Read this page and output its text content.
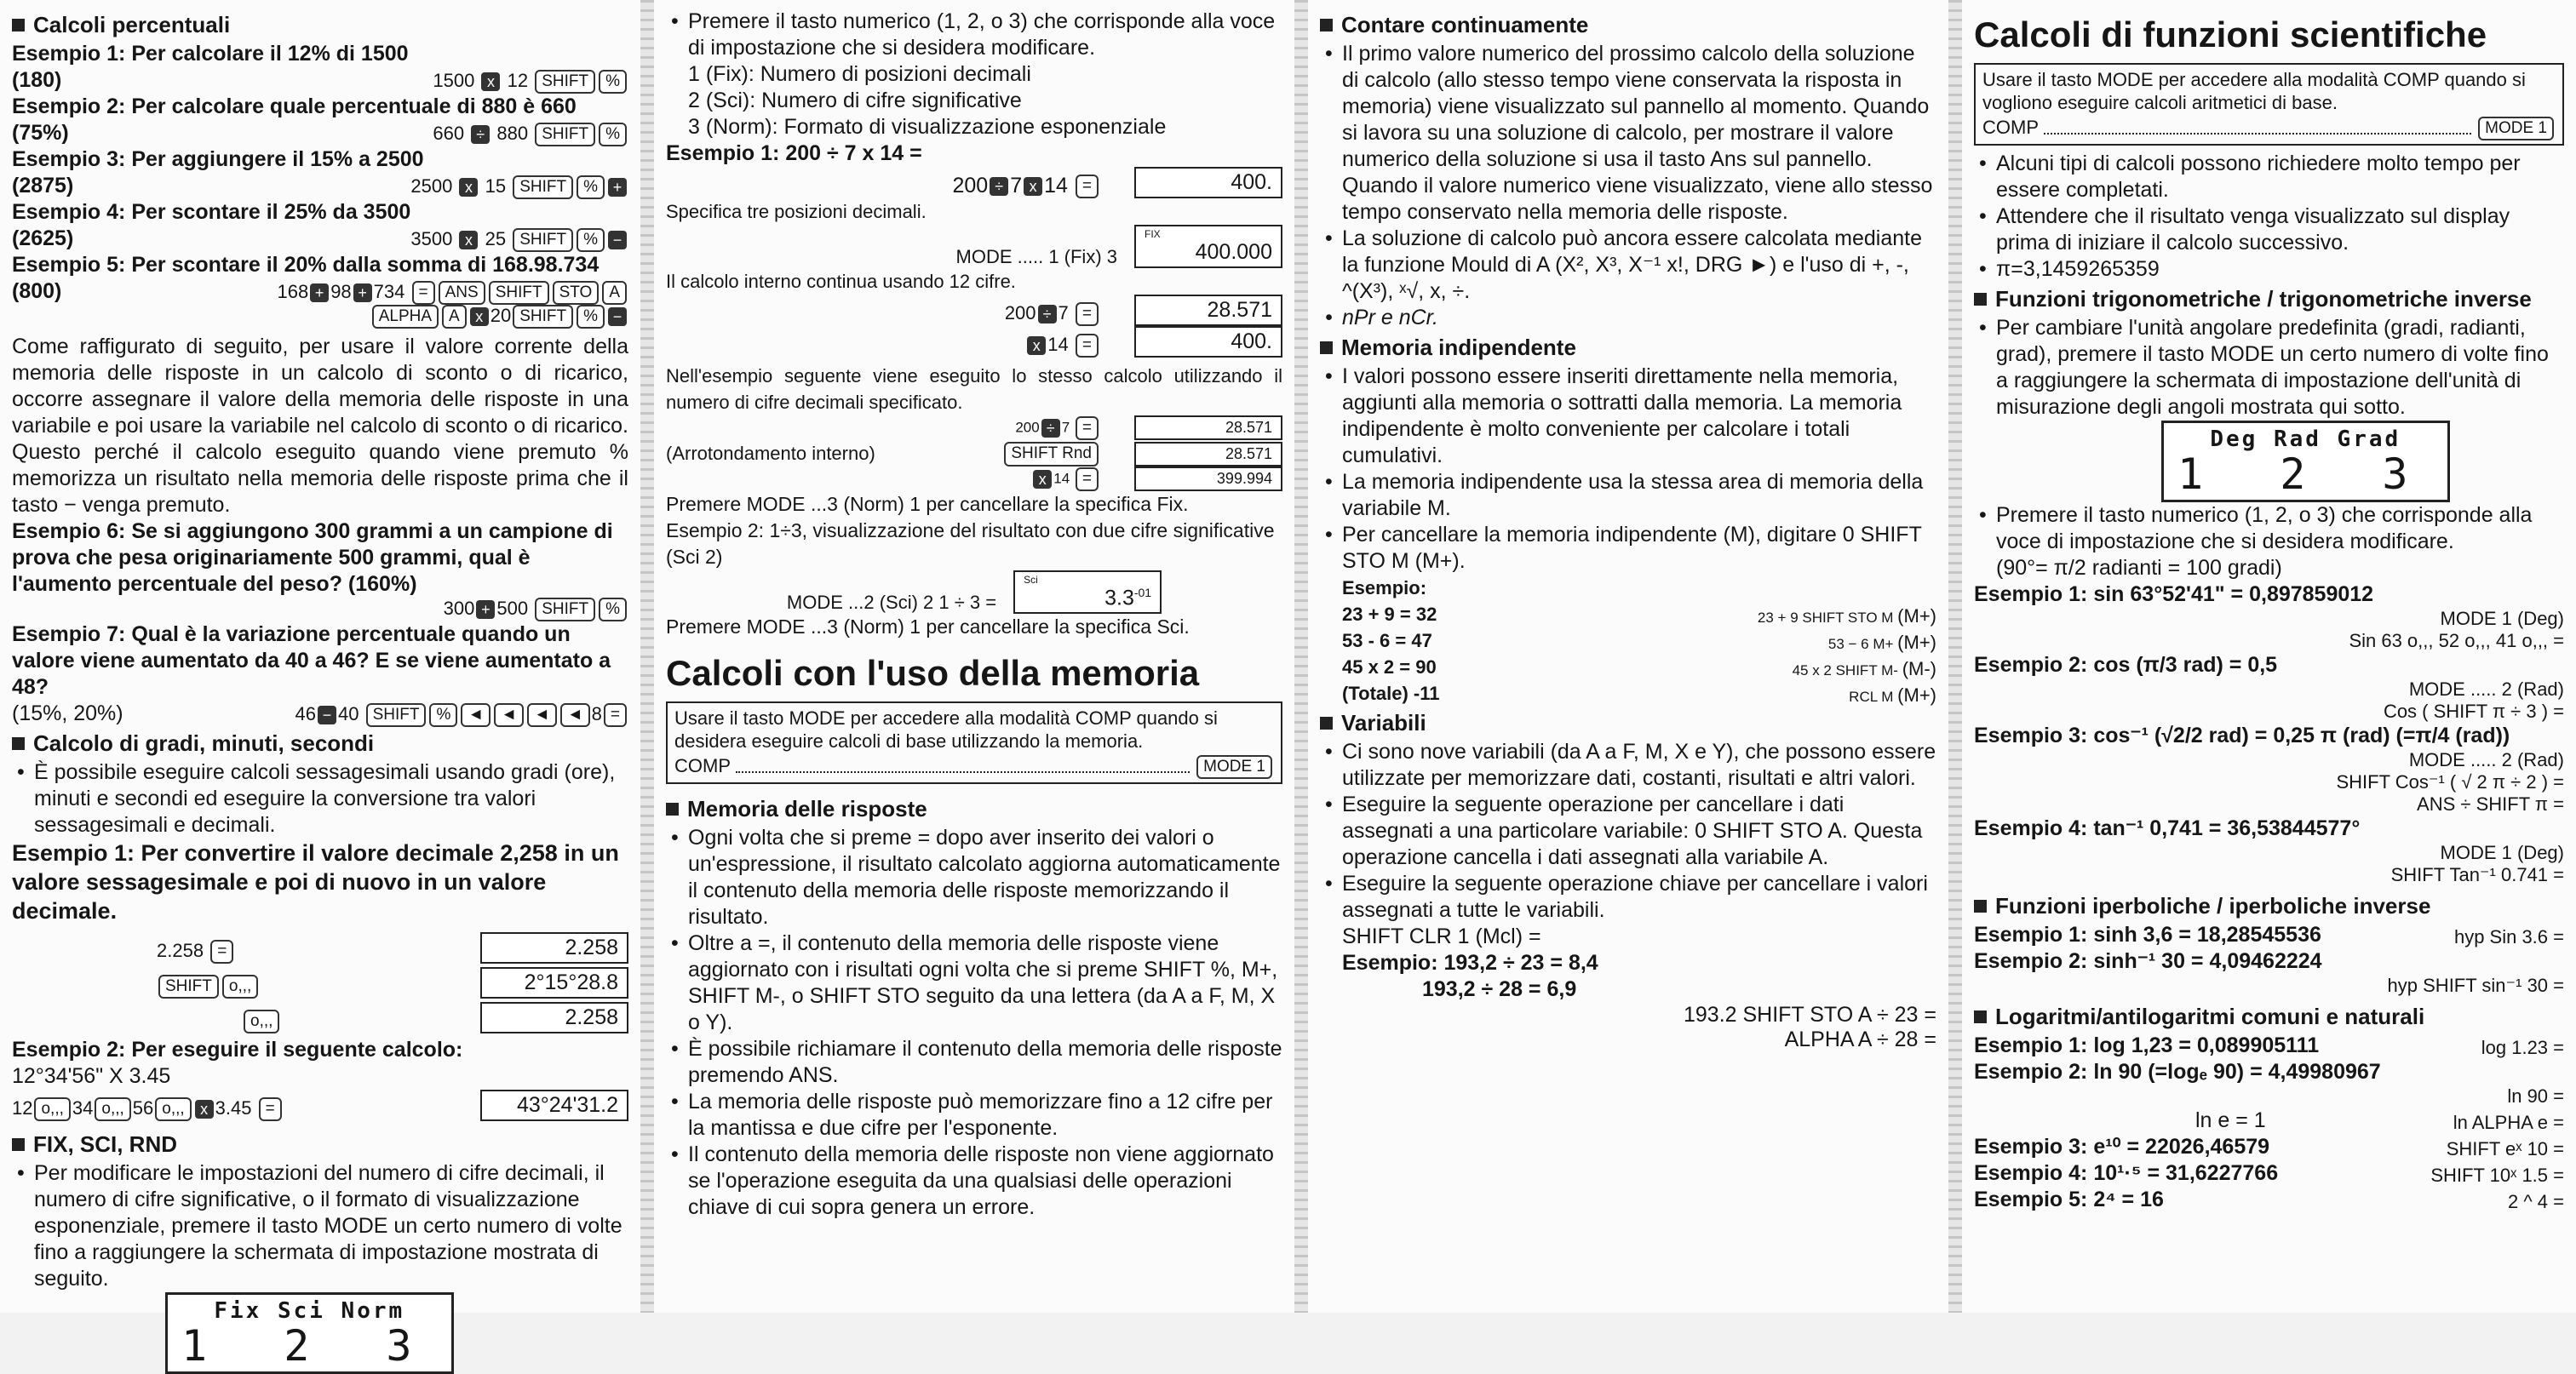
Calcoli percentuali

Esempio 1: Per calcolare il 12% di 1500

(180)	1500 x 12 SHIFT %

Esempio 2: Per calcolare quale percentuale di 880 è 660

(75%)	660 ÷ 880 SHIFT %

Esempio 3: Per aggiungere il 15% a 2500

(2875)	2500 x 15 SHIFT % +

Esempio 4: Per scontare il 25% da 3500

(2625)	3500 x 25 SHIFT % −

Esempio 5: Per scontare il 20% dalla somma di 168.98.734

(800)	168 + 98 + 734 = ANS SHIFT STO A
ALPHA A x 20 SHIFT % −

Come raffigurato di seguito, per usare il valore corrente della memoria delle risposte in un calcolo di sconto o di ricarico, occorre assegnare il valore della memoria delle risposte in una variabile e poi usare la variabile nel calcolo di sconto o di ricarico. Questo perché il calcolo eseguito quando viene premuto % memorizza un risultato nella memoria delle risposte prima che il tasto − venga premuto.

Esempio 6: Se si aggiungono 300 grammi a un campione di prova che pesa originariamente 500 grammi, qual è l'aumento percentuale del peso? (160%)

300 + 500 SHIFT %

Esempio 7: Qual è la variazione percentuale quando un valore viene aumentato da 40 a 46? E se viene aumentato a 48?

(15%, 20%)	46 − 40 SHIFT % ◄ ◄ ◄ ◄ 8 =
Calcolo di gradi, minuti, secondi

• È possibile eseguire calcoli sessagesimali usando gradi (ore), minuti e secondi ed eseguire la conversione tra valori sessagesimali e decimali.

Esempio 1: Per convertire il valore decimale 2,258 in un valore sessagesimale e poi di nuovo in un valore decimale.

2.258 =	2.258
SHIFT o,,,	2°15°28.8
o,,,	2.258

Esempio 2: Per eseguire il seguente calcolo:

12°34'56" X 3.45

12 o,,, 34 o,,, 56 o,,, x 3.45 =	43°24'31.2
FIX, SCI, RND

• Per modificare le impostazioni del numero di cifre decimali, il numero di cifre significative, o il formato di visualizzazione esponenziale, premere il tasto MODE un certo numero di volte fino a raggiungere la schermata di impostazione mostrata di seguito.

Fix Sci Norm
1 2 3

• Premere il tasto numerico (1, 2, o 3) che corrisponde alla voce di impostazione che si desidera modificare.

1 (Fix): Numero di posizioni decimali

2 (Sci): Numero di cifre significative

3 (Norm): Formato di visualizzazione esponenziale

Esempio 1: 200 ÷ 7 x 14 =

200 ÷ 7 x 14 =	400.

Specifica tre posizioni decimali.

MODE ..... 1 (Fix) 3
FIX
400.000

Il calcolo interno continua usando 12 cifre.

200 ÷ 7 =	28.571
x 14 =	400.

Nell'esempio seguente viene eseguito lo stesso calcolo utilizzando il numero di cifre decimali specificato.

200 ÷ 7 =	28.571
(Arrotondamento interno)	SHIFT Rnd	28.571
x 14 =	399.994

Premere MODE ...3 (Norm) 1 per cancellare la specifica Fix.

Esempio 2: 1÷3, visualizzazione del risultato con due cifre significative (Sci 2)

MODE ...2 (Sci) 2 1 ÷ 3 =
Sci
$3.3^{-01}$

Premere MODE ...3 (Norm) 1 per cancellare la specifica Sci.

Calcoli con l'uso della memoria

Usare il tasto MODE per accedere alla modalità COMP quando si desidera eseguire calcoli di base utilizzando la memoria.

COMP	MODE 1
Memoria delle risposte

• Ogni volta che si preme = dopo aver inserito dei valori o un'espressione, il risultato calcolato aggiorna automaticamente il contenuto della memoria delle risposte memorizzando il risultato.

• Oltre a =, il contenuto della memoria delle risposte viene aggiornato con i risultati ogni volta che si preme SHIFT %, M+, SHIFT M-, o SHIFT STO seguito da una lettera (da A a F, M, X o Y).

• È possibile richiamare il contenuto della memoria delle risposte premendo ANS.

• La memoria delle risposte può memorizzare fino a 12 cifre per la mantissa e due cifre per l'esponente.

• Il contenuto della memoria delle risposte non viene aggiornato se l'operazione eseguita da una qualsiasi delle operazioni chiave di cui sopra genera un errore.

Contare continuamente

• Il primo valore numerico del prossimo calcolo della soluzione di calcolo (allo stesso tempo viene conservata la risposta in memoria) viene visualizzato sul pannello al momento. Quando si lavora su una soluzione di calcolo, per mostrare il valore numerico della soluzione si usa il tasto Ans sul pannello. Quando il valore numerico viene visualizzato, viene allo stesso tempo conservato nella memoria delle risposte.

• La soluzione di calcolo può ancora essere calcolata mediante la funzione Mould di A (X², X³, X⁻¹ x!, DRG ►) e l'uso di +, -, ^(X³), ˣ√, x, ÷.

• nPr e nCr.

Memoria indipendente

• I valori possono essere inseriti direttamente nella memoria, aggiunti alla memoria o sottratti dalla memoria. La memoria indipendente è molto conveniente per calcolare i totali cumulativi.

• La memoria indipendente usa la stessa area di memoria della variabile M.

• Per cancellare la memoria indipendente (M), digitare 0 SHIFT STO M (M+).

Esempio:

23 + 9 = 32	23 + 9 SHIFT STO M (M+)
53 - 6 = 47	53 − 6 M+ (M+)
45 x 2 = 90	45 x 2 SHIFT M- (M-)
(Totale) -11	RCL M (M+)
Variabili

• Ci sono nove variabili (da A a F, M, X e Y), che possono essere utilizzate per memorizzare dati, costanti, risultati e altri valori.

• Eseguire la seguente operazione per cancellare i dati assegnati a una particolare variabile: 0 SHIFT STO A. Questa operazione cancella i dati assegnati alla variabile A.

• Eseguire la seguente operazione chiave per cancellare i valori assegnati a tutte le variabili.

SHIFT CLR 1 (Mcl) =

Esempio: 193,2 ÷ 23 = 8,4

193,2 ÷ 28 = 6,9

193.2 SHIFT STO A ÷ 23 =
ALPHA A ÷ 28 =
Calcoli di funzioni scientifiche

Usare il tasto MODE per accedere alla modalità COMP quando si vogliono eseguire calcoli aritmetici di base.

COMP	MODE 1

• Alcuni tipi di calcoli possono richiedere molto tempo per essere completati.

• Attendere che il risultato venga visualizzato sul display prima di iniziare il calcolo successivo.

• π=3,1459265359

Funzioni trigonometriche / trigonometriche inverse

• Per cambiare l'unità angolare predefinita (gradi, radianti, grad), premere il tasto MODE un certo numero di volte fino a raggiungere la schermata di impostazione dell'unità di misurazione degli angoli mostrata qui sotto.

Deg Rad Grad
1 2 3

• Premere il tasto numerico (1, 2, o 3) che corrisponde alla voce di impostazione che si desidera modificare.

(90°= π/2 radianti = 100 gradi)

Esempio 1: sin 63°52'41" = 0,897859012

MODE 1 (Deg)
Sin 63 o,,, 52 o,,, 41 o,,, =

Esempio 2: cos (π/3 rad) = 0,5

MODE ..... 2 (Rad)
Cos ( SHIFT π ÷ 3 ) =

Esempio 3: cos⁻¹ (√2/2 rad) = 0,25 π (rad) (=π/4 (rad))

MODE ..... 2 (Rad)
SHIFT Cos⁻¹ ( √ 2 π ÷ 2 ) =
ANS ÷ SHIFT π =

Esempio 4: tan⁻¹ 0,741 = 36,53844577°

MODE 1 (Deg)
SHIFT Tan⁻¹ 0.741 =
Funzioni iperboliche / iperboliche inverse
Esempio 1: sinh 3,6 = 18,28545536	hyp Sin 3.6 =

Esempio 2: sinh⁻¹ 30 = 4,09462224

hyp SHIFT sin⁻¹ 30 =
Logaritmi/antilogaritmi comuni e naturali
Esempio 1: log 1,23 = 0,089905111	log 1.23 =

Esempio 2: ln 90 (=logₑ 90) = 4,49980967

ln 90 =
ln e = 1	ln ALPHA e =
Esempio 3: e¹⁰ = 22026,46579	SHIFT eˣ 10 =
Esempio 4: 10¹·⁵ = 31,6227766	SHIFT 10ˣ 1.5 =
Esempio 5: 2⁴ = 16	2 ^ 4 =
